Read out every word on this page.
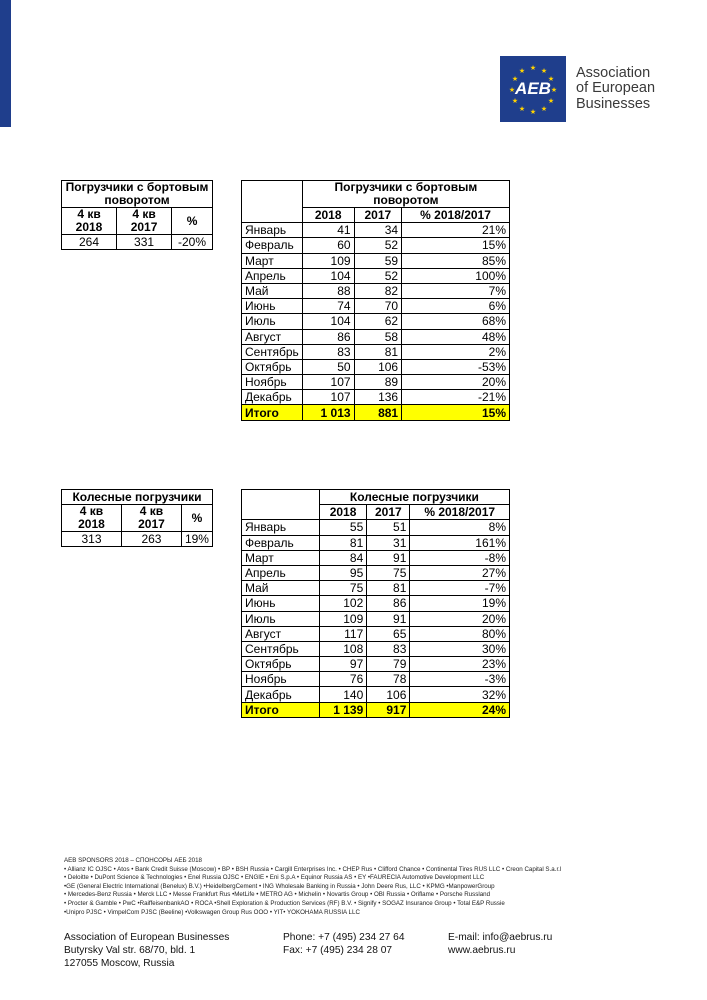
★ ★
★
★
★
★
★
★
★
★
★
★
AEB
Association
of European
Businesses
Погрузчики с бортовым поворотом		
4 кв 2018	4 кв 2017	%
264	331	-20%
	Погрузчики с бортовым поворотом		
	2018	2017	% 2018/2017
Январь	41	34	21%
Февраль	60	52	15%
Март	109	59	85%
Апрель	104	52	100%
Май	88	82	7%
Июнь	74	70	6%
Июль	104	62	68%
Август	86	58	48%
Сентябрь	83	81	2%
Октябрь	50	106	-53%
Ноябрь	107	89	20%
Декабрь	107	136	-21%
Итого	1 013	881	15%
Колесные погрузчики		
4 кв 2018	4 кв 2017	%
313	263	19%
	Колесные погрузчики		
	2018	2017	% 2018/2017
Январь	55	51	8%
Февраль	81	31	161%
Март	84	91	-8%
Апрель	95	75	27%
Май	75	81	-7%
Июнь	102	86	19%
Июль	109	91	20%
Август	117	65	80%
Сентябрь	108	83	30%
Октябрь	97	79	23%
Ноябрь	76	78	-3%
Декабрь	140	106	32%
Итого	1 139	917	24%
AEB SPONSORS 2018 – СПОНСОРЫ АЕБ 2018
• Allianz IC OJSC • Atos • Bank Credit Suisse (Moscow) • BP • BSH Russia • Cargill Enterprises Inc. • CHEP Rus • Clifford Chance • Continental Tires RUS LLC • Creon Capital S.a.r.l
• Deloitte • DuPont Science & Technologies • Enel Russia OJSC • ENGIE • Eni S.p.A • Equinor Russia AS • EY •FAURECIA Automotive Development LLC
•GE (General Electric International (Benelux) B.V.) •HeidelbergCement • ING Wholesale Banking in Russia • John Deere Rus, LLC • KPMG •ManpowerGroup
• Mercedes-Benz Russia • Merck LLC • Messe Frankfurt Rus •MetLife • METRO AG • Michelin • Novartis Group • OBI Russia • Oriflame • Porsche Russland
• Procter & Gamble • PwC •RaiffeisenbankAO • ROCA •Shell Exploration & Production Services (RF) B.V. • Signify • SOGAZ Insurance Group • Total E&P Russie
•Unipro PJSC • VimpelCom PJSC (Beeline) •Volkswagen Group Rus OOO • YIT• YOKOHAMA RUSSIA LLC
Association of European Businesses
Butyrsky Val str. 68/70, bld. 1
127055 Moscow, Russia
Phone: +7 (495) 234 27 64
Fax: +7 (495) 234 28 07
E-mail: info@aebrus.ru
www.aebrus.ru
